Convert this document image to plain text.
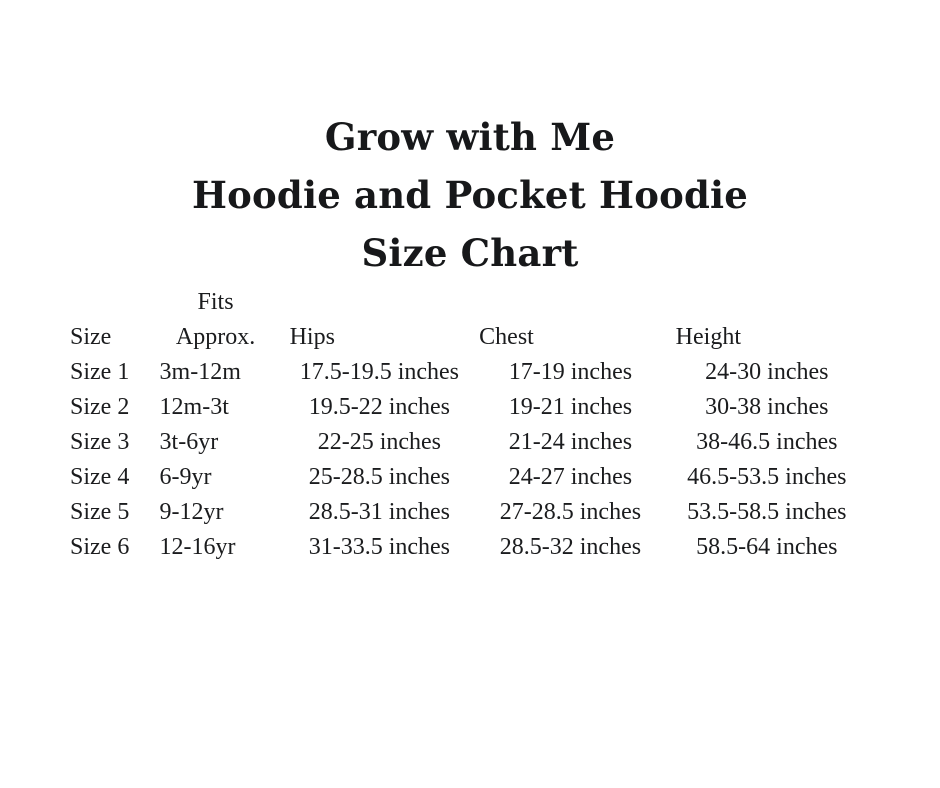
Grow with Me
Hoodie and Pocket Hoodie
Size Chart
	Fits			
Size	Approx.	Hips	Chest	Height
Size 1	3m-12m	17.5-19.5 inches	17-19 inches	24-30 inches
Size 2	12m-3t	19.5-22 inches	19-21 inches	30-38 inches
Size 3	3t-6yr	22-25 inches	21-24 inches	38-46.5 inches
Size 4	6-9yr	25-28.5 inches	24-27 inches	46.5-53.5 inches
Size 5	9-12yr	28.5-31 inches	27-28.5 inches	53.5-58.5 inches
Size 6	12-16yr	31-33.5 inches	28.5-32 inches	58.5-64 inches
